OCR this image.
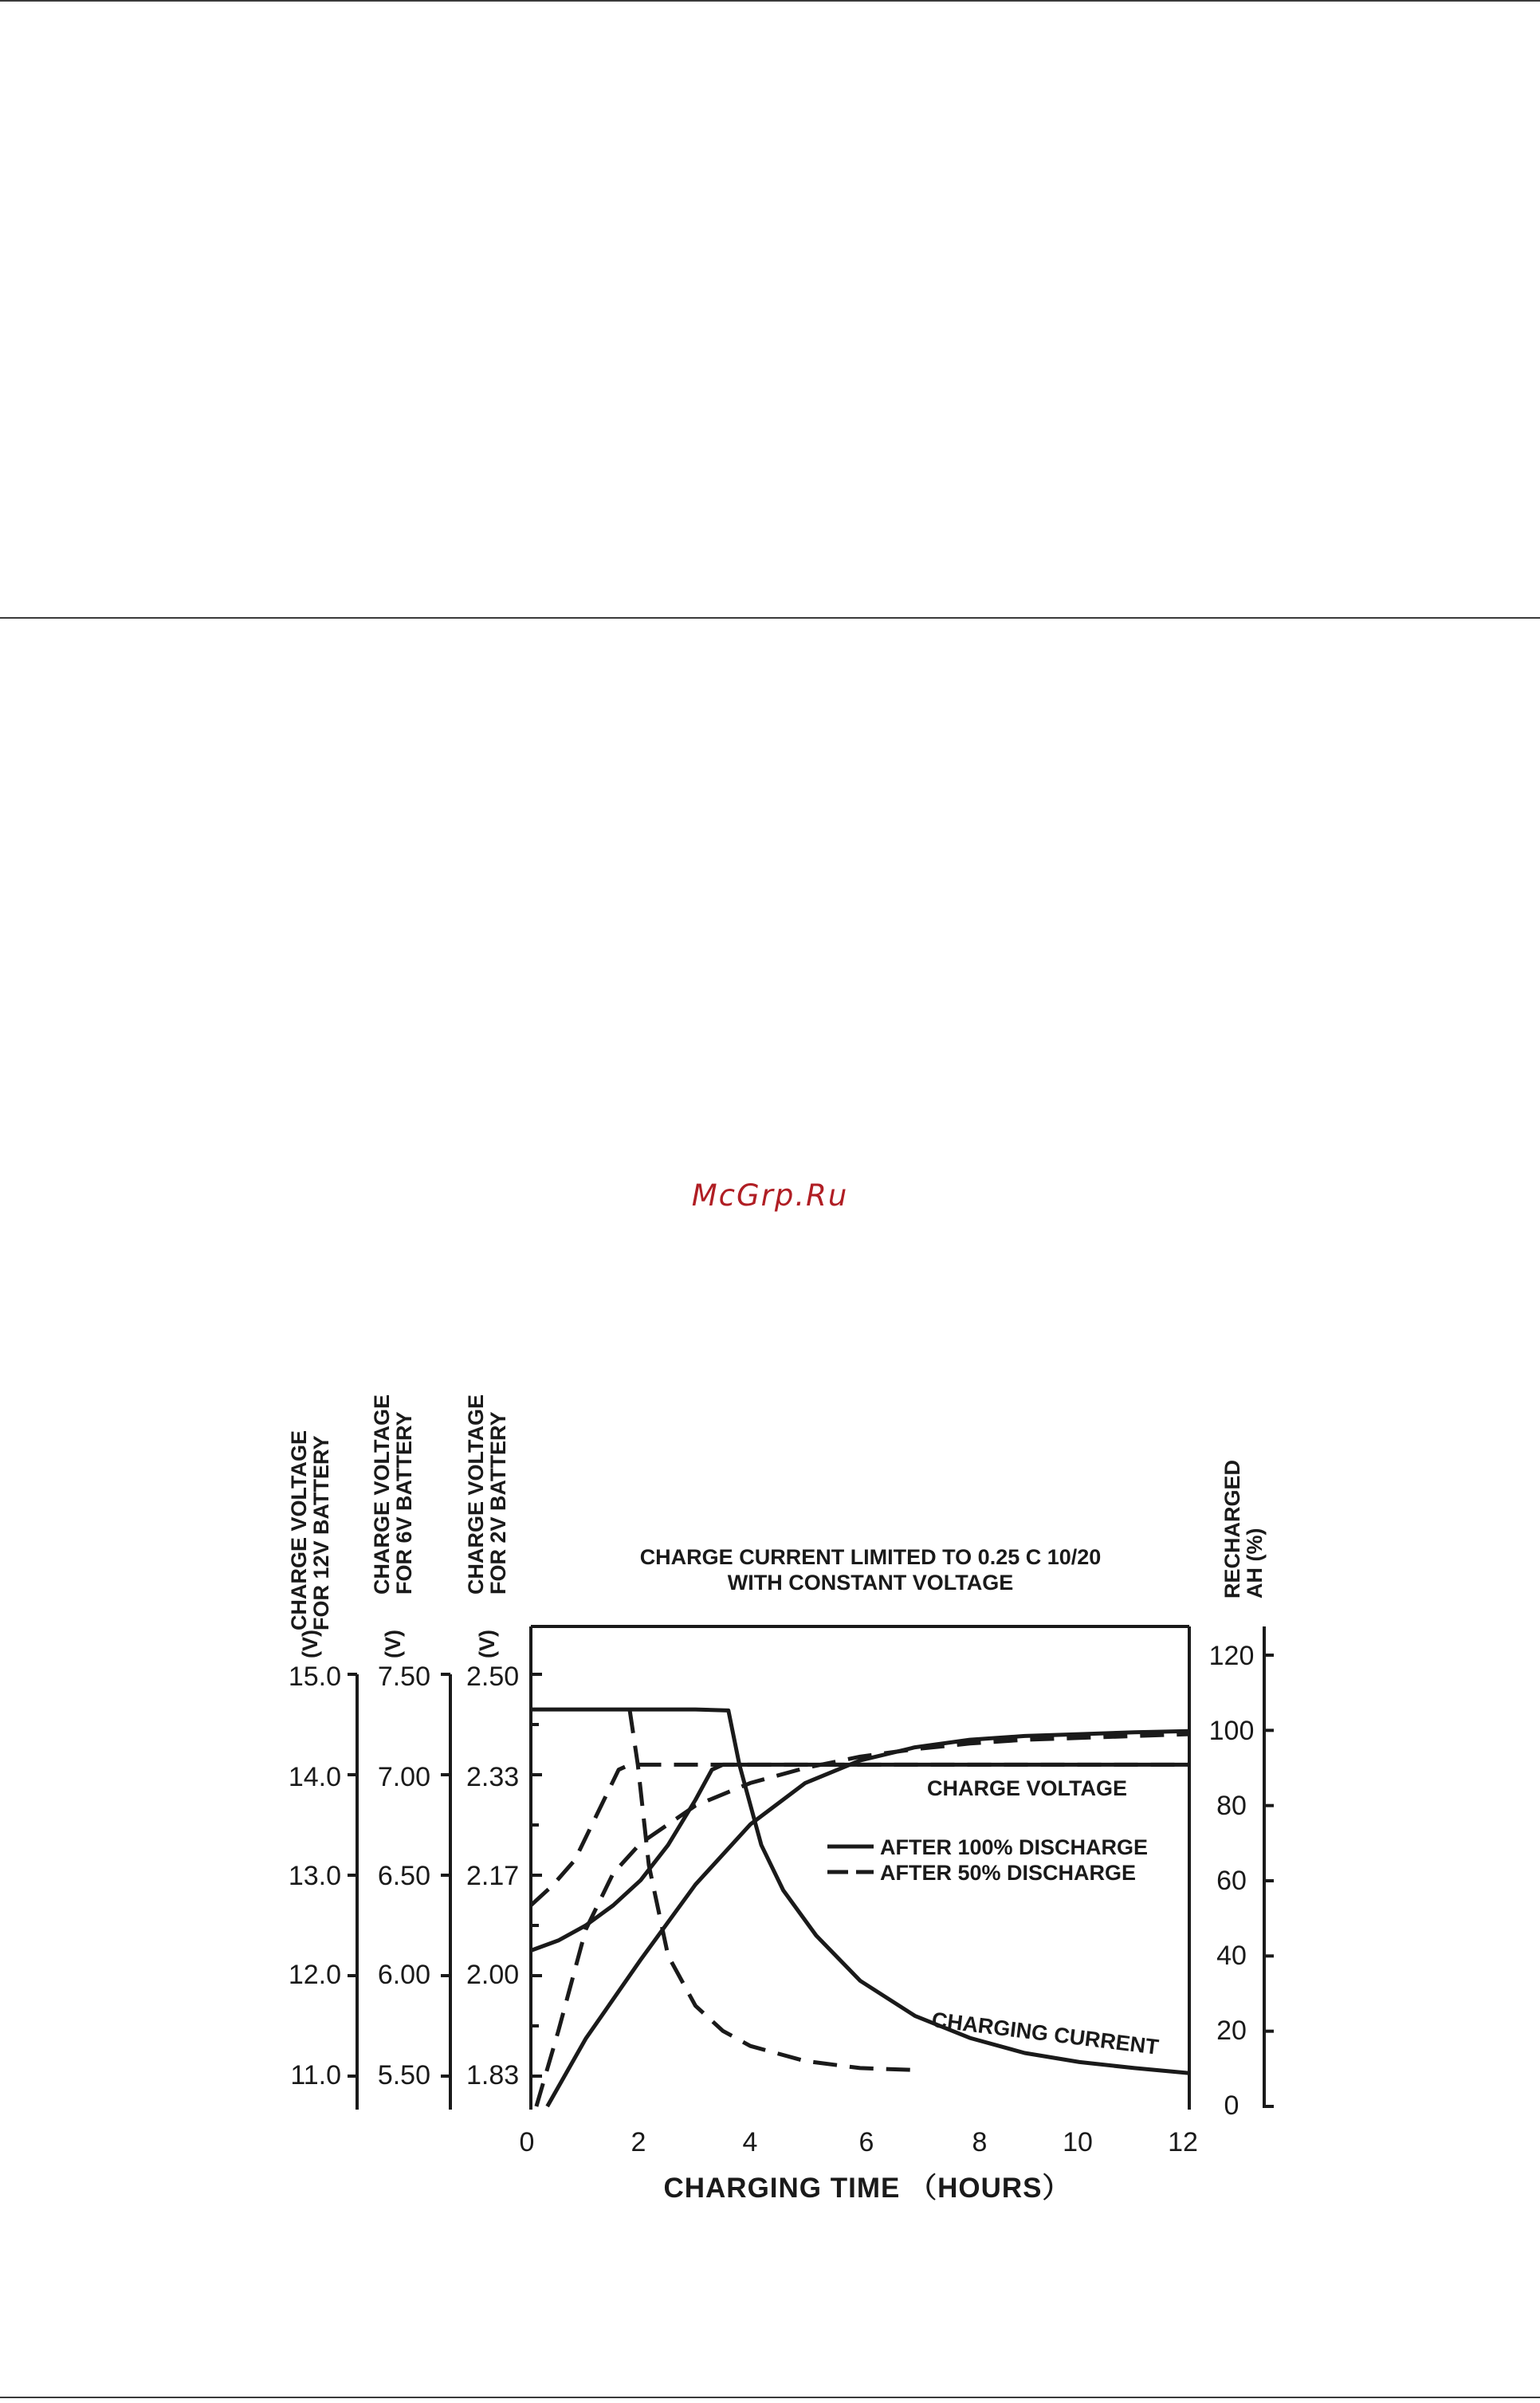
McGrp.Ru
CHARGE VOLTAGE
FOR 12V BATTERY CHARGE VOLTAGE
FOR 6V BATTERY CHARGE VOLTAGE
FOR 2V BATTERY	RECHARGED
AH (%)
(V)	(V)	(V)
CHARGE CURRENT LIMITED TO 0.25 C 10/20
WITH CONSTANT VOLTAGE
15.0
14.0
13.0
12.0
11.0
7.50
7.00
6.50
6.00
5.50
2.50
2.33
2.17
2.00
1.83
120
100
80
60
40
20
0
0	2	4	6	8	10	12
CHARGING TIME （HOURS）
CHARGE VOLTAGE
CHARGING CURRENT
AFTER 100% DISCHARGE
AFTER 50% DISCHARGE
